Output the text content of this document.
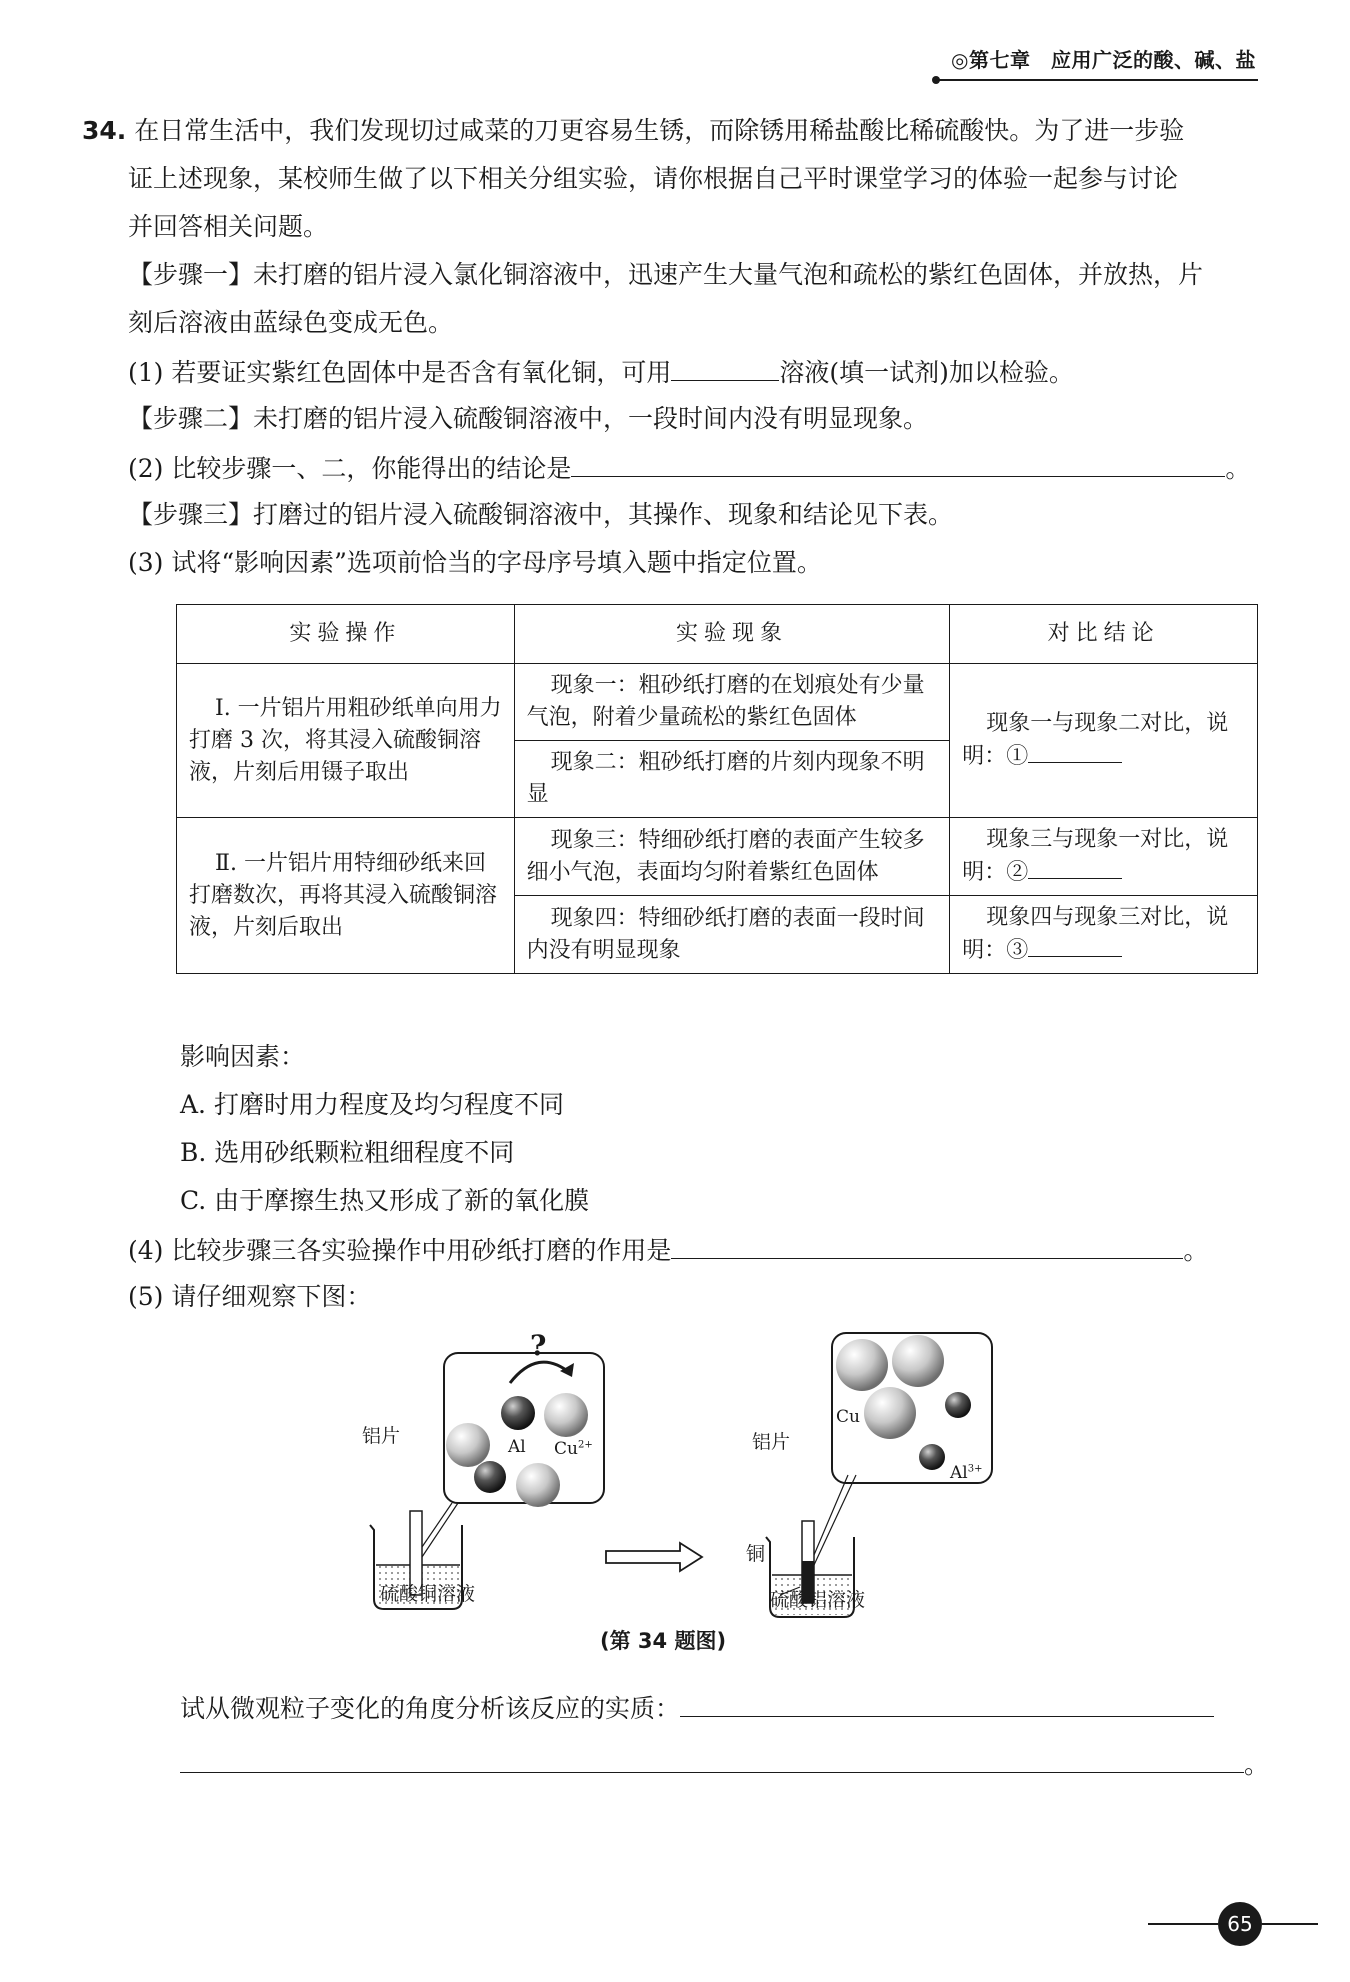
◎第七章　应用广泛的酸、碱、盐
34. 在日常生活中，我们发现切过咸菜的刀更容易生锈，而除锈用稀盐酸比稀硫酸快。为了进一步验
证上述现象，某校师生做了以下相关分组实验，请你根据自己平时课堂学习的体验一起参与讨论
并回答相关问题。
【步骤一】未打磨的铝片浸入氯化铜溶液中，迅速产生大量气泡和疏松的紫红色固体，并放热，片
刻后溶液由蓝绿色变成无色。
(1) 若要证实紫红色固体中是否含有氧化铜，可用	溶液(填一试剂)加以检验。
【步骤二】未打磨的铝片浸入硫酸铜溶液中，一段时间内没有明显现象。
(2) 比较步骤一、二，你能得出的结论是	。
【步骤三】打磨过的铝片浸入硫酸铜溶液中，其操作、现象和结论见下表。
(3) 试将“影响因素”选项前恰当的字母序号填入题中指定位置。
实验操作	实验现象	对比结论
Ⅰ. 一片铝片用粗砂纸单向用力打磨 3 次，将其浸入硫酸铜溶液，片刻后用镊子取出	现象一：粗砂纸打磨的在划痕处有少量气泡，附着少量疏松的紫红色固体	现象一与现象二对比，说明：①
	现象二：粗砂纸打磨的片刻内现象不明显	
Ⅱ. 一片铝片用特细砂纸来回打磨数次，再将其浸入硫酸铜溶液，片刻后取出	现象三：特细砂纸打磨的表面产生较多细小气泡，表面均匀附着紫红色固体	现象三与现象一对比，说明：②
	现象四：特细砂纸打磨的表面一段时间内没有明显现象	现象四与现象三对比，说明：③
影响因素：
A. 打磨时用力程度及均匀程度不同
B. 选用砂纸颗粒粗细程度不同
C. 由于摩擦生热又形成了新的氧化膜
(4) 比较步骤三各实验操作中用砂纸打磨的作用是	。
(5) 请仔细观察下图：
铝片
硫酸铜溶液
Al $Cu^{2+}$
?
铝片
铜
硫酸铝溶液
Cu
$Al^{3+}$
(第 34 题图)
试从微观粒子变化的角度分析该反应的实质：
。
65
